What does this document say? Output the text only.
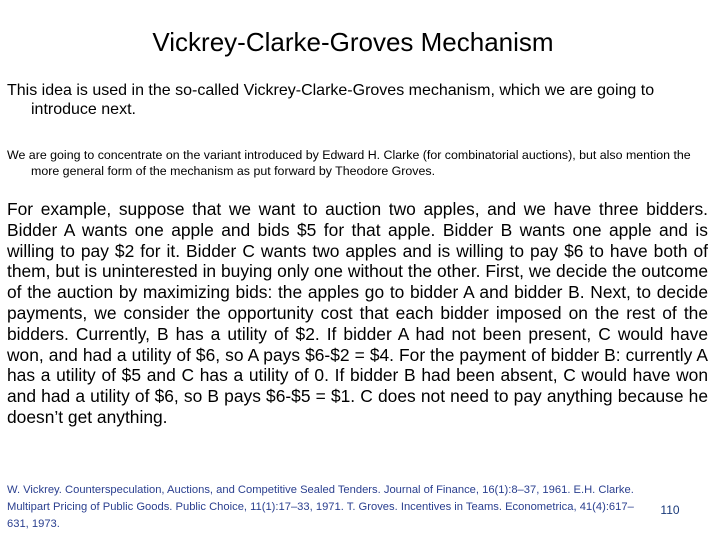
Vickrey-Clarke-Groves Mechanism

This idea is used in the so-called Vickrey-Clarke-Groves mechanism, which we are going to introduce next.

We are going to concentrate on the variant introduced by Edward H. Clarke (for combinatorial auctions), but also mention the more general form of the mechanism as put forward by Theodore Groves.

For example, suppose that we want to auction two apples, and we have three bidders. Bidder A wants one apple and bids $5 for that apple. Bidder B wants one apple and is willing to pay $2 for it. Bidder C wants two apples and is willing to pay $6 to have both of them, but is uninterested in buying only one without the other. First, we decide the outcome of the auction by maximizing bids: the apples go to bidder A and bidder B. Next, to decide payments, we consider the opportunity cost that each bidder imposed on the rest of the bidders. Currently, B has a utility of $2. If bidder A had not been present, C would have won, and had a utility of $6, so A pays $6-$2 = $4. For the payment of bidder B: currently A has a utility of $5 and C has a utility of 0. If bidder B had been absent, C would have won and had a utility of $6, so B pays $6-$5 = $1. C does not need to pay anything because he doesn’t get anything.

W. Vickrey. Counterspeculation, Auctions, and Competitive Sealed Tenders. Journal of Finance, 16(1):8–37, 1961. E.H. Clarke. Multipart Pricing of Public Goods. Public Choice, 11(1):17–33, 1971. T. Groves. Incentives in Teams. Econometrica, 41(4):617–631, 1973.

110
